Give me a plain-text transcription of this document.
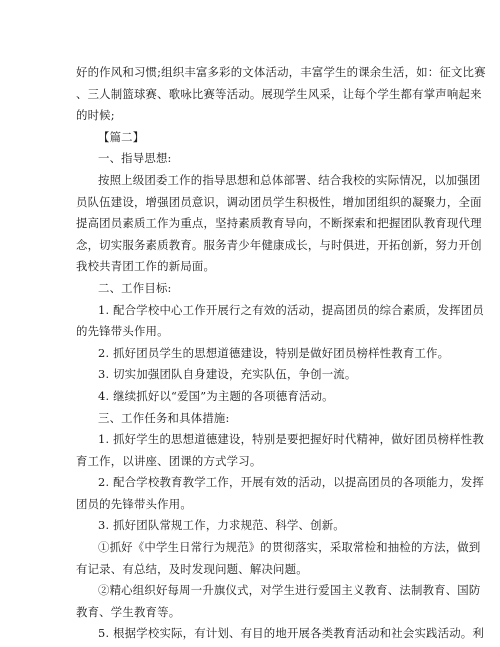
好的作风和习惯;组织丰富多彩的文体活动，丰富学生的课余生活，如：征文比赛
、三人制篮球赛、歌咏比赛等活动。展现学生风采，让每个学生都有掌声响起来
的时候;
【篇二】
一、指导思想:
按照上级团委工作的指导思想和总体部署、结合我校的实际情况，以加强团
员队伍建设，增强团员意识，调动团员学生积极性，增加团组织的凝聚力，全面
提高团员素质工作为重点，坚持素质教育导向，不断探索和把握团队教育现代理
念，切实服务素质教育。服务青少年健康成长，与时俱进，开拓创新，努力开创
我校共青团工作的新局面。
二、工作目标:
1. 配合学校中心工作开展行之有效的活动，提高团员的综合素质，发挥团员
的先锋带头作用。
2. 抓好团员学生的思想道德建设，特别是做好团员榜样性教育工作。
3. 切实加强团队自身建设，充实队伍，争创一流。
4. 继续抓好以“爱国”为主题的各项德育活动。
三、工作任务和具体措施:
1. 抓好学生的思想道德建设，特别是要把握好时代精神，做好团员榜样性教
育工作，以讲座、团课的方式学习。
2. 配合学校教育教学工作，开展有效的活动，以提高团员的各项能力，发挥
团员的先锋带头作用。
3. 抓好团队常规工作，力求规范、科学、创新。
①抓好《中学生日常行为规范》的贯彻落实，采取常检和抽检的方法，做到
有记录、有总结，及时发现问题、解决问题。
②精心组织好每周一升旗仪式，对学生进行爱国主义教育、法制教育、国防
教育、学生教育等。
5. 根据学校实际，有计划、有目的地开展各类教育活动和社会实践活动。利
